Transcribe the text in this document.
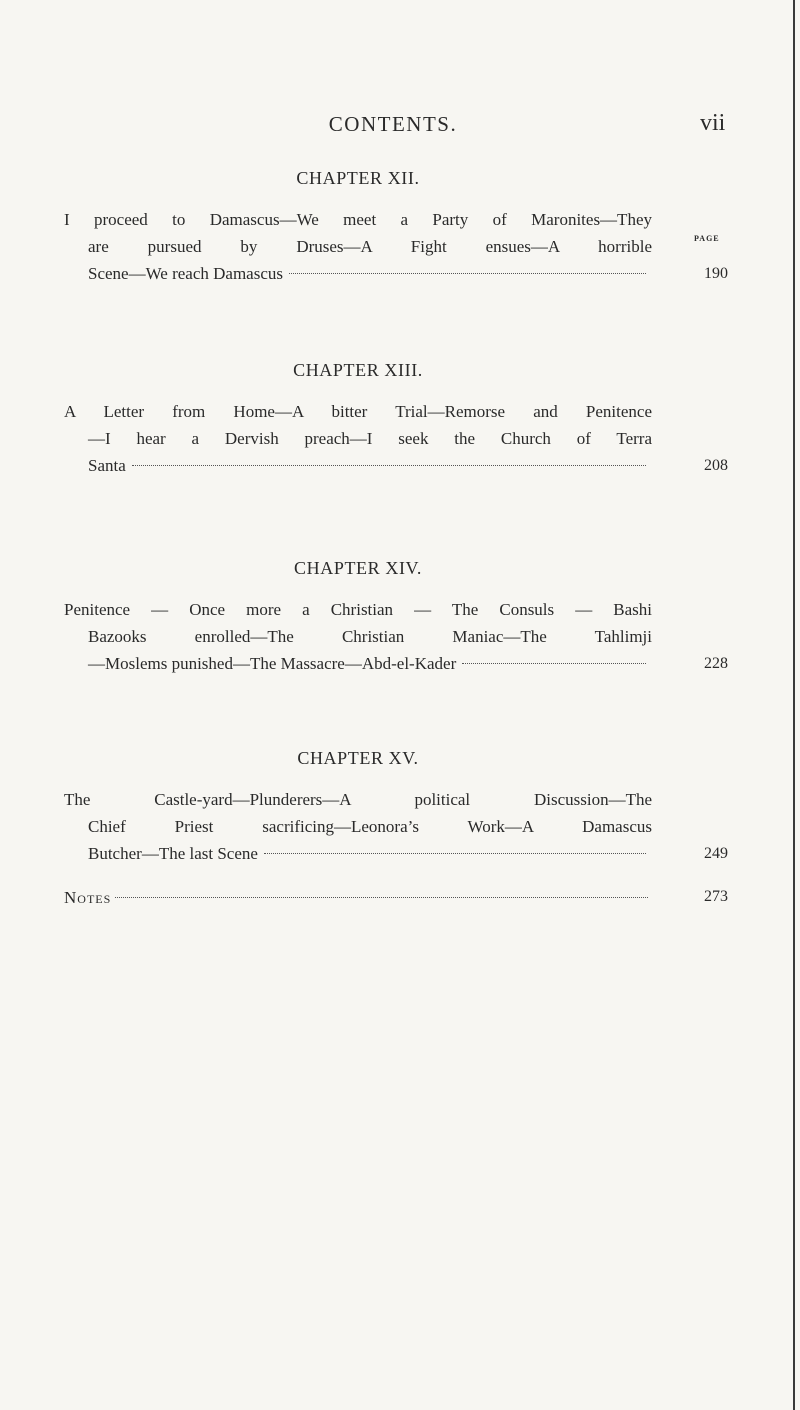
CONTENTS.	vii
CHAPTER XII.
PAGE
I proceed to Damascus—We meet a Party of Maronites—They
are pursued by Druses—A Fight ensues—A horrible
Scene—We reach Damascus	190
CHAPTER XIII.
A Letter from Home—A bitter Trial—Remorse and Penitence
—I hear a Dervish preach—I seek the Church of Terra
Santa	208
CHAPTER XIV.
Penitence — Once more a Christian — The Consuls — Bashi
Bazooks enrolled—The Christian Maniac—The Tahlimji
—Moslems punished—The Massacre—Abd-el-Kader	228
CHAPTER XV.
The Castle-yard—Plunderers—A political Discussion—The
Chief Priest sacrificing—Leonora’s Work—A Damascus
Butcher—The last Scene	249
Notes	273
